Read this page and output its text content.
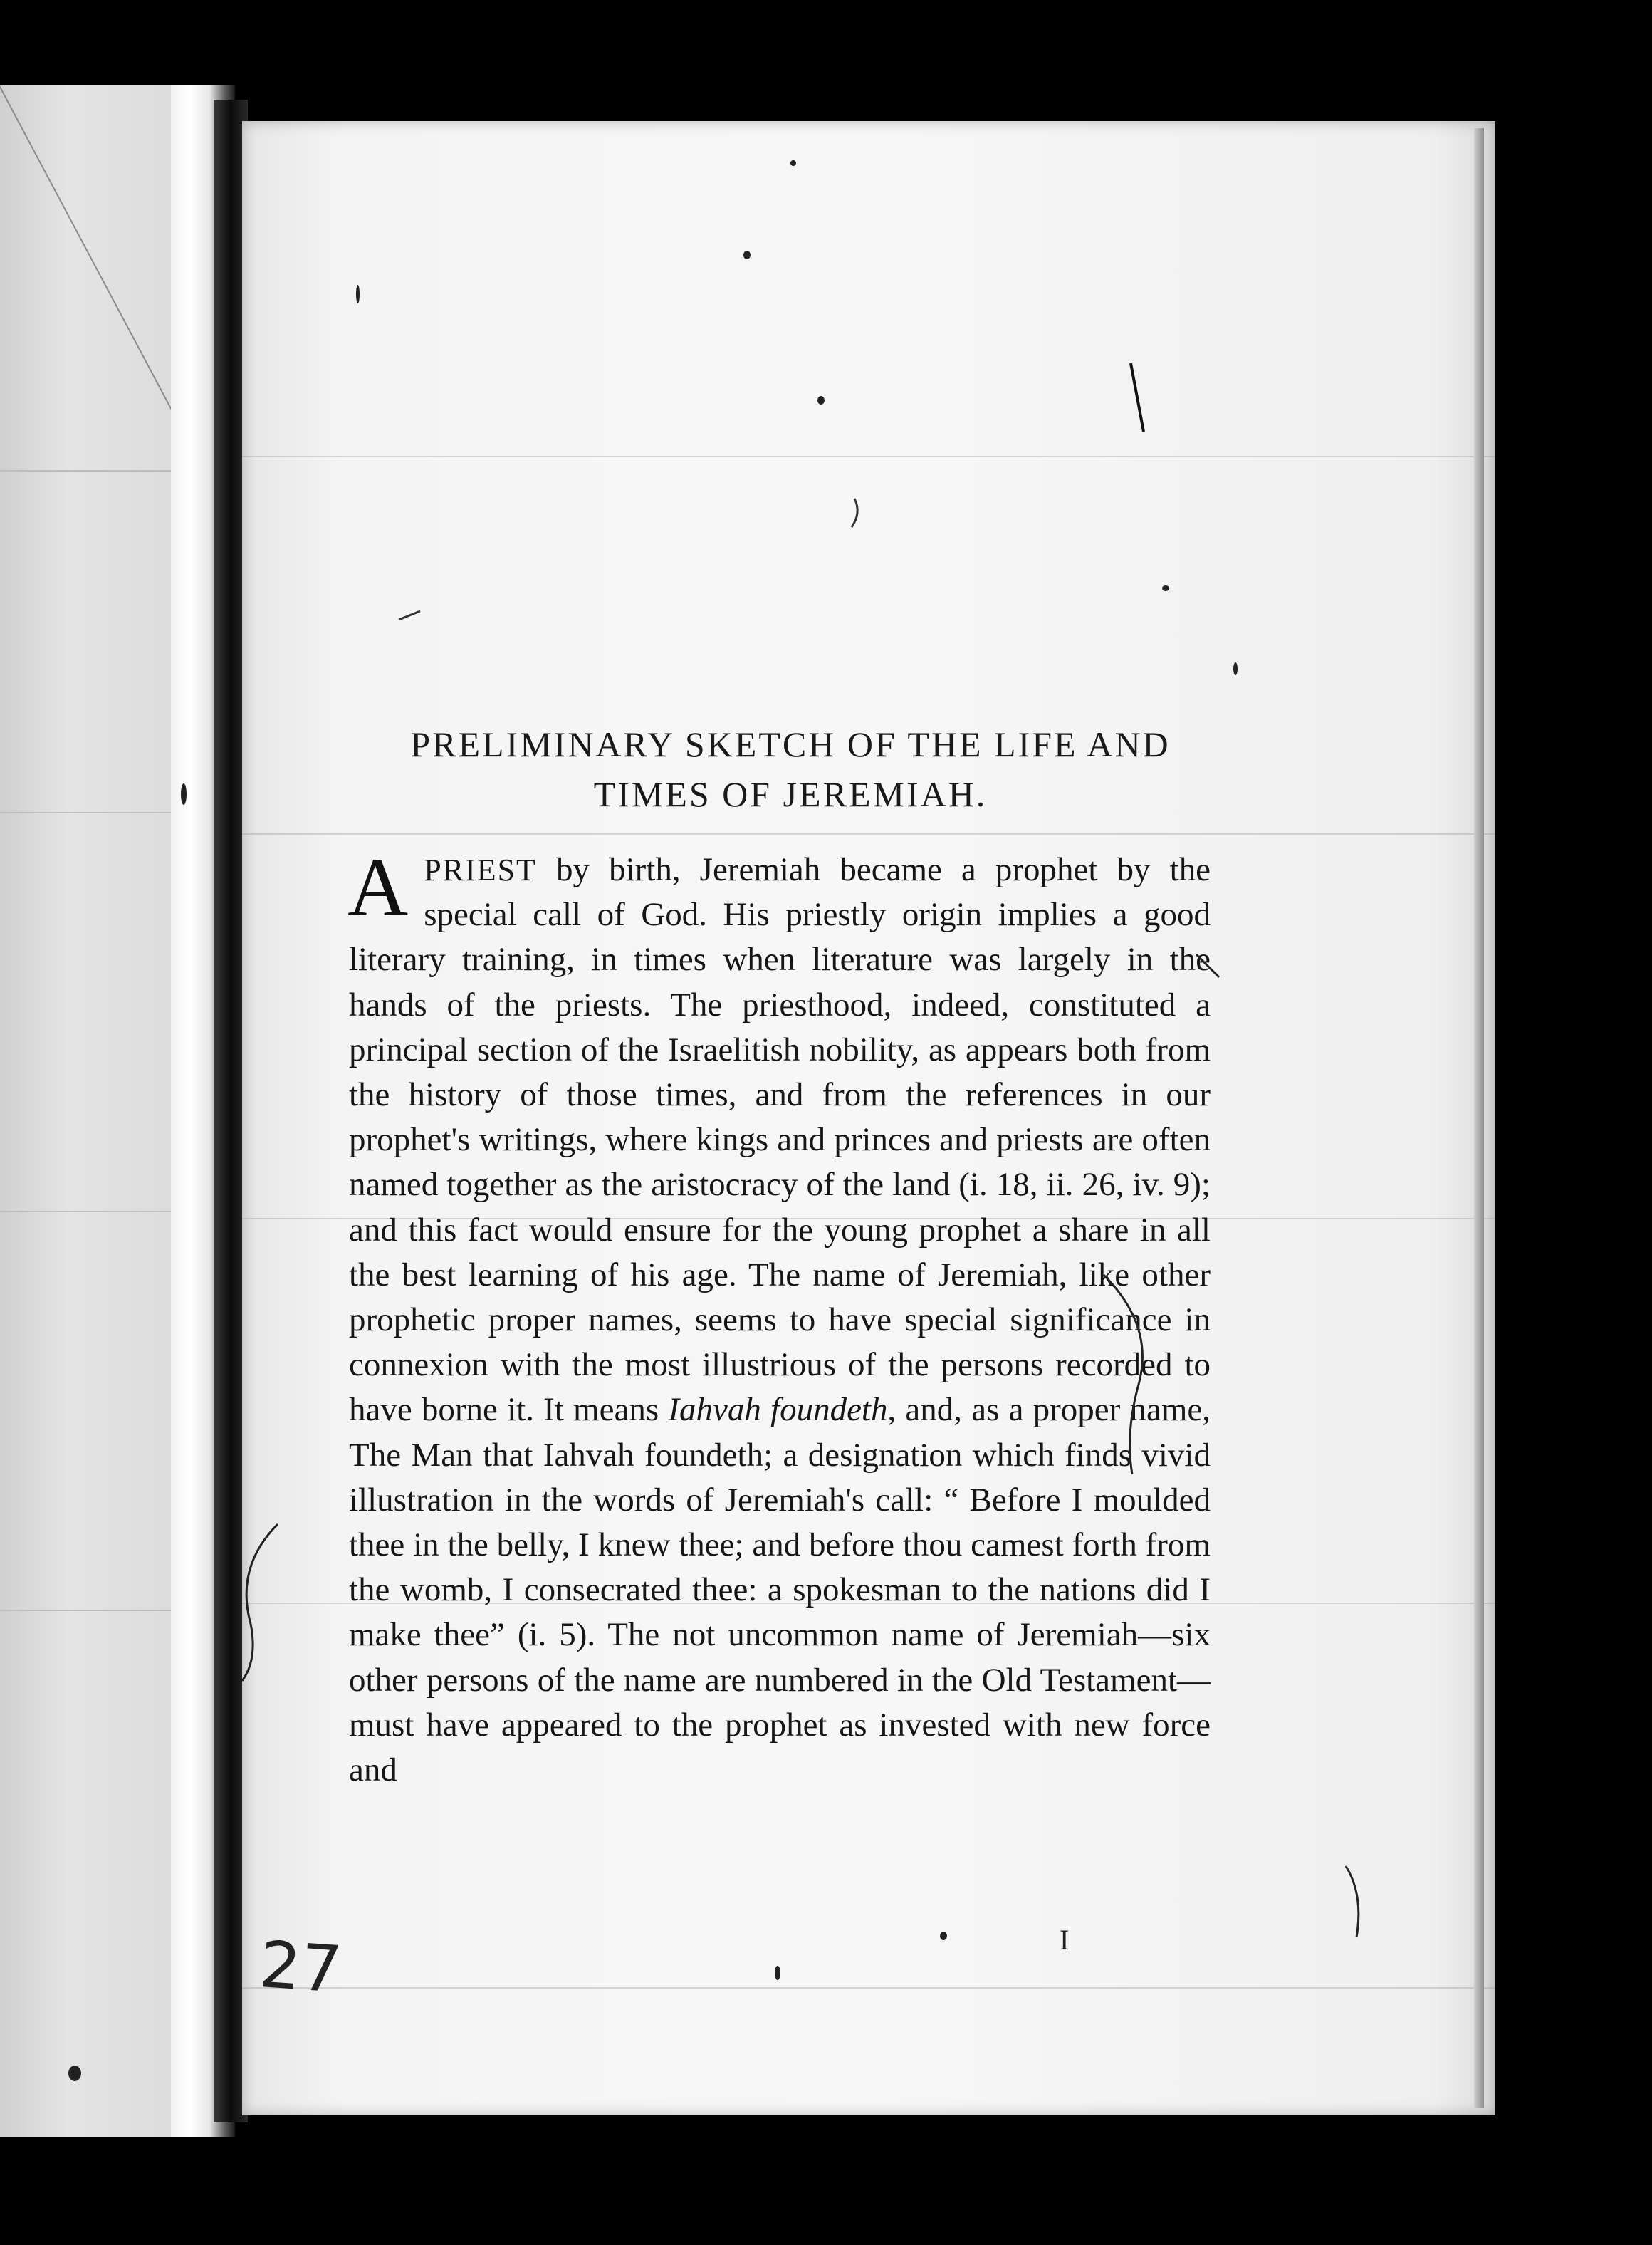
PRELIMINARY SKETCH OF THE LIFE AND
TIMES OF JEREMIAH.
APRIEST by birth, Jeremiah became a prophet by the special call of God. His priestly origin implies a good literary training, in times when literature was largely in the hands of the priests. The priesthood, indeed, constituted a principal section of the Israelitish nobility, as appears both from the history of those times, and from the references in our prophet's writings, where kings and princes and priests are often named together as the aristocracy of the land (i. 18, ii. 26, iv. 9); and this fact would ensure for the young prophet a share in all the best learning of his age. The name of Jeremiah, like other prophetic proper names, seems to have special significance in connexion with the most illustrious of the persons recorded to have borne it. It means Iahvah foundeth, and, as a proper name, The Man that Iahvah foundeth; a designation which finds vivid illustration in the words of Jeremiah's call: “ Before I moulded thee in the belly, I knew thee; and before thou camest forth from the womb, I consecrated thee: a spokesman to the nations did I make thee” (i. 5). The not uncommon name of Jeremiah—six other persons of the name are numbered in the Old Testament—must have appeared to the prophet as invested with new force and
I
27
